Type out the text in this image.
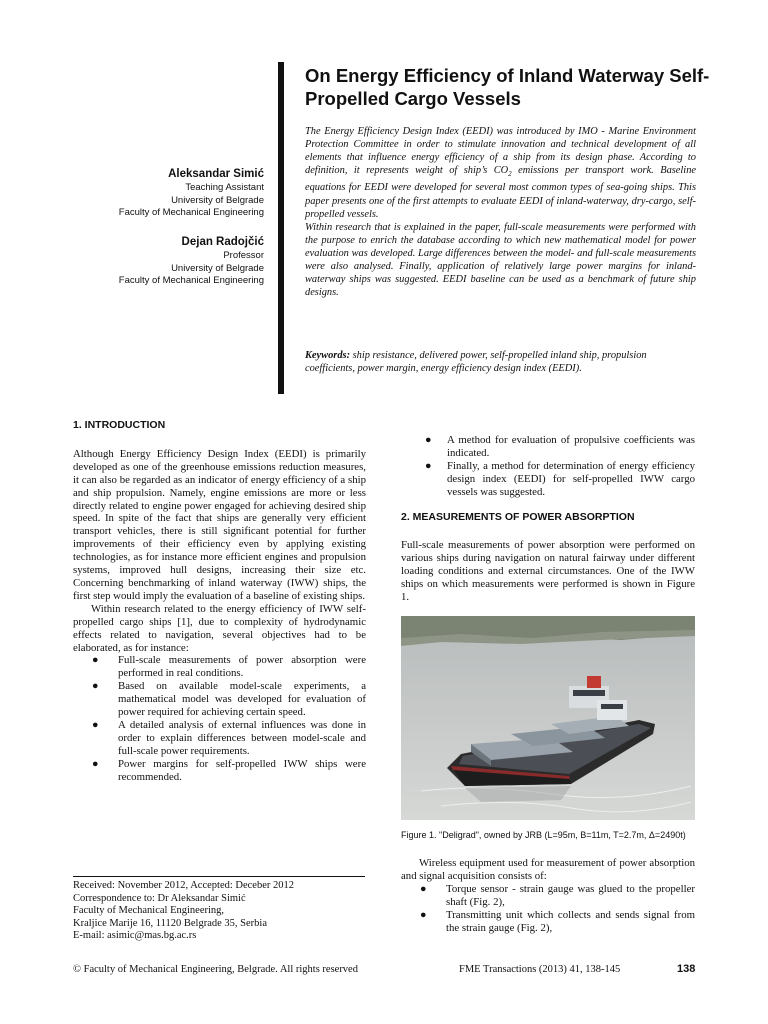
On Energy Efficiency of Inland Waterway Self-Propelled Cargo Vessels
Aleksandar Simić
Teaching Assistant
University of Belgrade
Faculty of Mechanical Engineering
Dejan Radojčić
Professor
University of Belgrade
Faculty of Mechanical Engineering

The Energy Efficiency Design Index (EEDI) was introduced by IMO - Marine Environment Protection Committee in order to stimulate innovation and technical development of all elements that influence energy efficiency of a ship from its design phase. According to definition, it represents weight of ship’s $CO_2$ emissions per transport work. Baseline equations for EEDI were developed for several most common types of sea-going ships. This paper presents one of the first attempts to evaluate EEDI of inland-waterway, dry-cargo, self-propelled vessels.

Within research that is explained in the paper, full-scale measurements were performed with the purpose to enrich the database according to which new mathematical model for power evaluation was developed. Large differences between the model- and full-scale measurements were also analysed. Finally, application of relatively large power margins for inland-waterway ships was suggested. EEDI baseline can be used as a benchmark of future ship designs.

Keywords: ship resistance, delivered power, self-propelled inland ship, propulsion coefficients, power margin, energy efficiency design index (EEDI).

1. INTRODUCTION

Although Energy Efficiency Design Index (EEDI) is primarily developed as one of the greenhouse emissions reduction measures, it can also be regarded as an indicator of energy efficiency of a ship and ship propulsion. Namely, engine emissions are more or less directly related to engine power engaged for achieving desired ship speed. In spite of the fact that ships are generally very efficient transport vehicles, there is still significant potential for further improvements of their efficiency even by applying existing technologies, as for instance more efficient engines and propulsion systems, improved hull designs, increasing their size etc. Concerning benchmarking of inland waterway (IWW) ships, the first step would imply the evaluation of a baseline of existing ships.

Within research related to the energy efficiency of IWW self-propelled cargo ships [1], due to complexity of hydrodynamic effects related to navigation, several objectives had to be elaborated, as for instance:

● Full-scale measurements of power absorption were performed in real conditions.
● Based on available model-scale experiments, a mathematical model was developed for evaluation of power required for achieving certain speed.
● A detailed analysis of external influences was done in order to explain differences between model-scale and full-scale power requirements.
● Power margins for self-propelled IWW ships were recommended.
● A method for evaluation of propulsive coefficients was indicated.
● Finally, a method for determination of energy efficiency design index (EEDI) for self-propelled IWW cargo vessels was suggested.

2. MEASUREMENTS OF POWER ABSORPTION

Full-scale measurements of power absorption were performed on various ships during navigation on natural fairway under different loading conditions and external circumstances. One of the IWW ships on which measurements were performed is shown in Figure 1.

Figure 1. "Deligrad", owned by JRB (L=95m, B=11m, T=2.7m, Δ=2490t)

Wireless equipment used for measurement of power absorption and signal acquisition consists of:

● Torque sensor - strain gauge was glued to the propeller shaft (Fig. 2),
● Transmitting unit which collects and sends signal from the strain gauge (Fig. 2),
Received: November 2012, Accepted: Deceber 2012
Correspondence to: Dr Aleksandar Simić
Faculty of Mechanical Engineering,
Kraljice Marije 16, 11120 Belgrade 35, Serbia
E-mail: asimic@mas.bg.ac.rs
© Faculty of Mechanical Engineering, Belgrade. All rights reserved	FME Transactions (2013) 41, 138-145	138
